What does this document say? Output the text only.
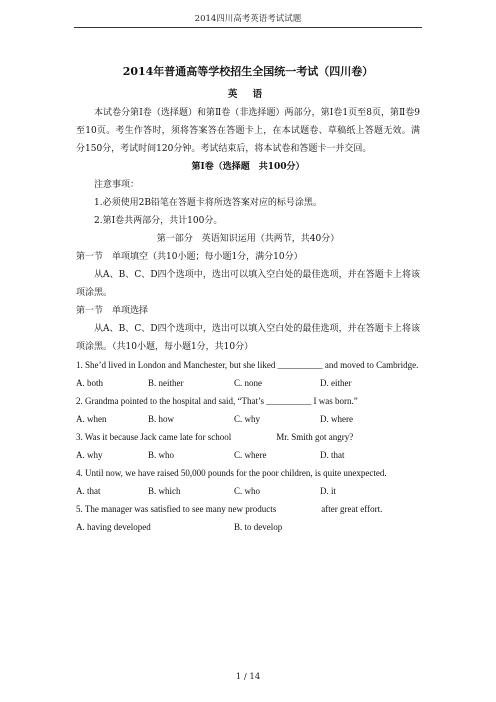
2014四川高考英语考试试题

2014年普通高等学校招生全国统一考试（四川卷）

英 语

本试卷分第Ⅰ卷（选择题）和第Ⅱ卷（非选择题）两部分，第Ⅰ卷1页至8页，第Ⅱ卷9至10页。考生作答时，须将答案答在答题卡上，在本试题卷、草稿纸上答题无效。满分150分，考试时间120分钟。考试结束后，将本试卷和答题卡一并交回。

第Ⅰ卷（选择题　共100分）

注意事项：

1.必须使用2B铅笔在答题卡将所选答案对应的标号涂黑。

2.第Ⅰ卷共两部分，共计100分。

第一部分　英语知识运用（共两节，共40分）

第一节　单项填空（共10小题；每小题1分，满分10分）

从A、B、C、D四个选项中，选出可以填入空白处的最佳选项，并在答题卡上将该项涂黑。

第一节　单项选择

从A、B、C、D四个选项中，选出可以填入空白处的最佳选项，并在答题卡上将该项涂黑。（共10小题，每小题1分，共10分）

1. She’d lived in London and Manchester, but she liked __________ and moved to Cambridge.

A. both	B. neither	C. none	D. either

2. Grandma pointed to the hospital and said, “That’s __________ I was born.”

A. when	B. how	C. why	D. where

3. Was it because Jack came late for school                    Mr. Smith got angry?

A. why	B. who	C. where	D. that

4. Until now, we have raised 50,000 pounds for the poor children, is quite unexpected.

A. that	B. which	C. who	D. it

5. The manager was satisfied to see many new products                    after great effort.

A. having developed	B. to develop
1 / 14
